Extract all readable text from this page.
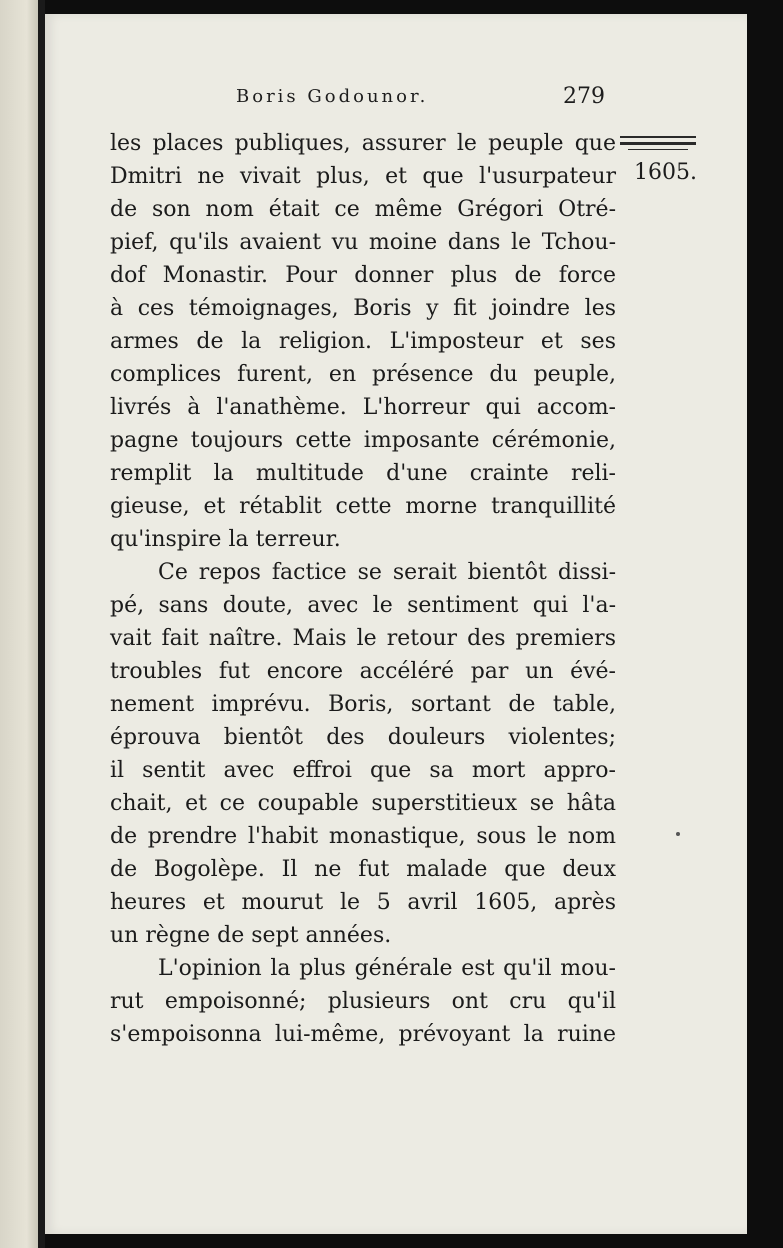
Boris Godounor.	279
1605.
les places publiques, assurer le peuple que
Dmitri ne vivait plus, et que l'usurpateur
de son nom était ce même Grégori Otré-
pief, qu'ils avaient vu moine dans le Tchou-
dof Monastir. Pour donner plus de force
à ces témoignages, Boris y fit joindre les
armes de la religion. L'imposteur et ses
complices furent, en présence du peuple,
livrés à l'anathème. L'horreur qui accom-
pagne toujours cette imposante cérémonie,
remplit la multitude d'une crainte reli-
gieuse, et rétablit cette morne tranquillité
qu'inspire la terreur.
Ce repos factice se serait bientôt dissi-
pé, sans doute, avec le sentiment qui l'a-
vait fait naître. Mais le retour des premiers
troubles fut encore accéléré par un évé-
nement imprévu. Boris, sortant de table,
éprouva bientôt des douleurs violentes;
il sentit avec effroi que sa mort appro-
chait, et ce coupable superstitieux se hâta
de prendre l'habit monastique, sous le nom
de Bogolèpe. Il ne fut malade que deux
heures et mourut le 5 avril 1605, après
un règne de sept années.
L'opinion la plus générale est qu'il mou-
rut empoisonné; plusieurs ont cru qu'il
s'empoisonna lui-même, prévoyant la ruine
